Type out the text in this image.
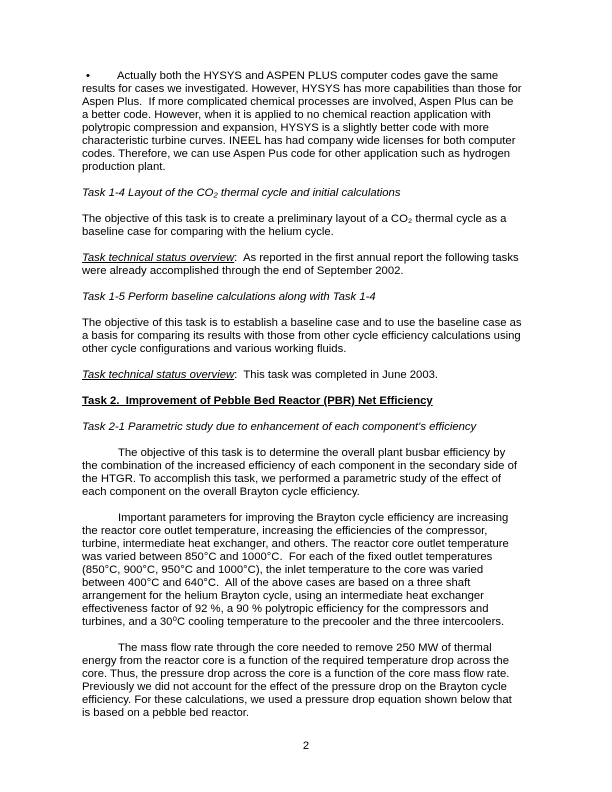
• Actually both the HYSYS and ASPEN PLUS computer codes gave the same results for cases we investigated. However, HYSYS has more capabilities than those for Aspen Plus.  If more complicated chemical processes are involved, Aspen Plus can be a better code. However, when it is applied to no chemical reaction application with polytropic compression and expansion, HYSYS is a slightly better code with more characteristic turbine curves. INEEL has had company wide licenses for both computer codes. Therefore, we can use Aspen Pus code for other application such as hydrogen production plant.

Task 1-4 Layout of the CO₂ thermal cycle and initial calculations

The objective of this task is to create a preliminary layout of a CO₂ thermal cycle as a baseline case for comparing with the helium cycle.

Task technical status overview:  As reported in the first annual report the following tasks were already accomplished through the end of September 2002.

Task 1-5 Perform baseline calculations along with Task 1-4

The objective of this task is to establish a baseline case and to use the baseline case as a basis for comparing its results with those from other cycle efficiency calculations using other cycle configurations and various working fluids.

Task technical status overview:  This task was completed in June 2003.

Task 2.  Improvement of Pebble Bed Reactor (PBR) Net Efficiency

Task 2-1 Parametric study due to enhancement of each component's efficiency

The objective of this task is to determine the overall plant busbar efficiency by the combination of the increased efficiency of each component in the secondary side of the HTGR. To accomplish this task, we performed a parametric study of the effect of each component on the overall Brayton cycle efficiency.

Important parameters for improving the Brayton cycle efficiency are increasing the reactor core outlet temperature, increasing the efficiencies of the compressor, turbine, intermediate heat exchanger, and others. The reactor core outlet temperature was varied between 850°C and 1000°C.  For each of the fixed outlet temperatures (850°C, 900°C, 950°C and 1000°C), the inlet temperature to the core was varied between 400°C and 640°C.  All of the above cases are based on a three shaft arrangement for the helium Brayton cycle, using an intermediate heat exchanger effectiveness factor of 92 %, a 90 % polytropic efficiency for the compressors and turbines, and a 30⁰C cooling temperature to the precooler and the three intercoolers.

The mass flow rate through the core needed to remove 250 MW of thermal energy from the reactor core is a function of the required temperature drop across the core. Thus, the pressure drop across the core is a function of the core mass flow rate. Previously we did not account for the effect of the pressure drop on the Brayton cycle efficiency. For these calculations, we used a pressure drop equation shown below that is based on a pebble bed reactor.

2
